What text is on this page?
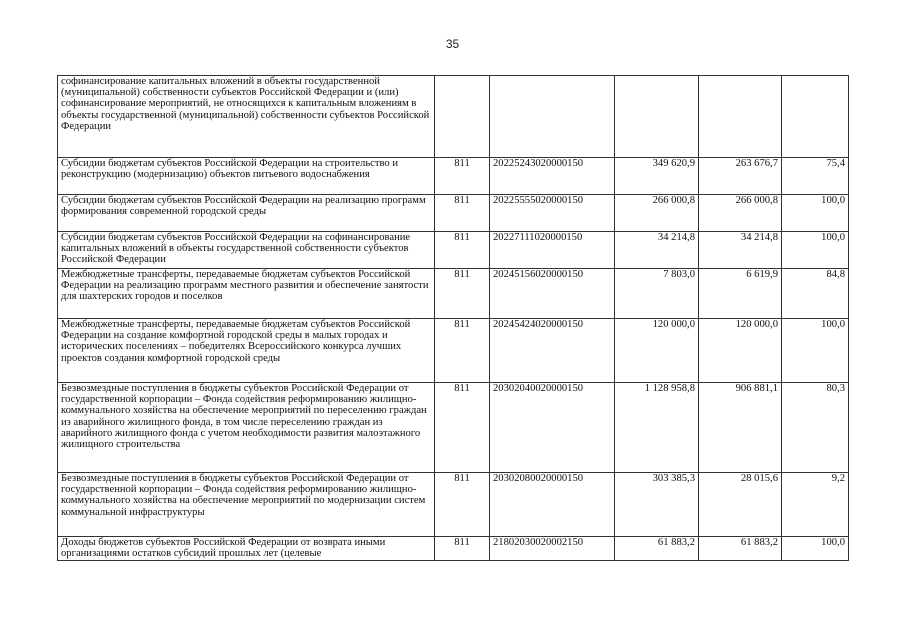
35
софинансирование капитальных вложений в объекты государственной (муниципальной) собственности субъектов Российской Федерации и (или) софинансирование мероприятий, не относящихся к капитальным вложениям в объекты государственной (муниципальной) собственности субъектов Российской Федерации					
Субсидии бюджетам субъектов Российской Федерации на строительство и реконструкцию (модернизацию) объектов питьевого водоснабжения	811	20225243020000150	349 620,9	263 676,7	75,4
Субсидии бюджетам субъектов Российской Федерации на реализацию программ формирования современной городской среды	811	20225555020000150	266 000,8	266 000,8	100,0
Субсидии бюджетам субъектов Российской Федерации на софинансирование капитальных вложений в объекты государственной собственности субъектов Российской Федерации	811	20227111020000150	34 214,8	34 214,8	100,0
Межбюджетные трансферты, передаваемые бюджетам субъектов Российской Федерации на реализацию программ местного развития и обеспечение занятости для шахтерских городов и поселков	811	20245156020000150	7 803,0	6 619,9	84,8
Межбюджетные трансферты, передаваемые бюджетам субъектов Российской Федерации на создание комфортной городской среды в малых городах и исторических поселениях – победителях Всероссийского конкурса лучших проектов создания комфортной городской среды	811	20245424020000150	120 000,0	120 000,0	100,0
Безвозмездные поступления в бюджеты субъектов Российской Федерации от государственной корпорации – Фонда содействия реформированию жилищно-коммунального хозяйства на обеспечение мероприятий по переселению граждан из аварийного жилищного фонда, в том числе переселению граждан из аварийного жилищного фонда с учетом необходимости развития малоэтажного жилищного строительства	811	20302040020000150	1 128 958,8	906 881,1	80,3
Безвозмездные поступления в бюджеты субъектов Российской Федерации от государственной корпорации – Фонда содействия реформированию жилищно-коммунального хозяйства на обеспечение мероприятий по модернизации систем коммунальной инфраструктуры	811	20302080020000150	303 385,3	28 015,6	9,2
Доходы бюджетов субъектов Российской Федерации от возврата иными организациями остатков субсидий прошлых лет (целевые	811	21802030020002150	61 883,2	61 883,2	100,0
